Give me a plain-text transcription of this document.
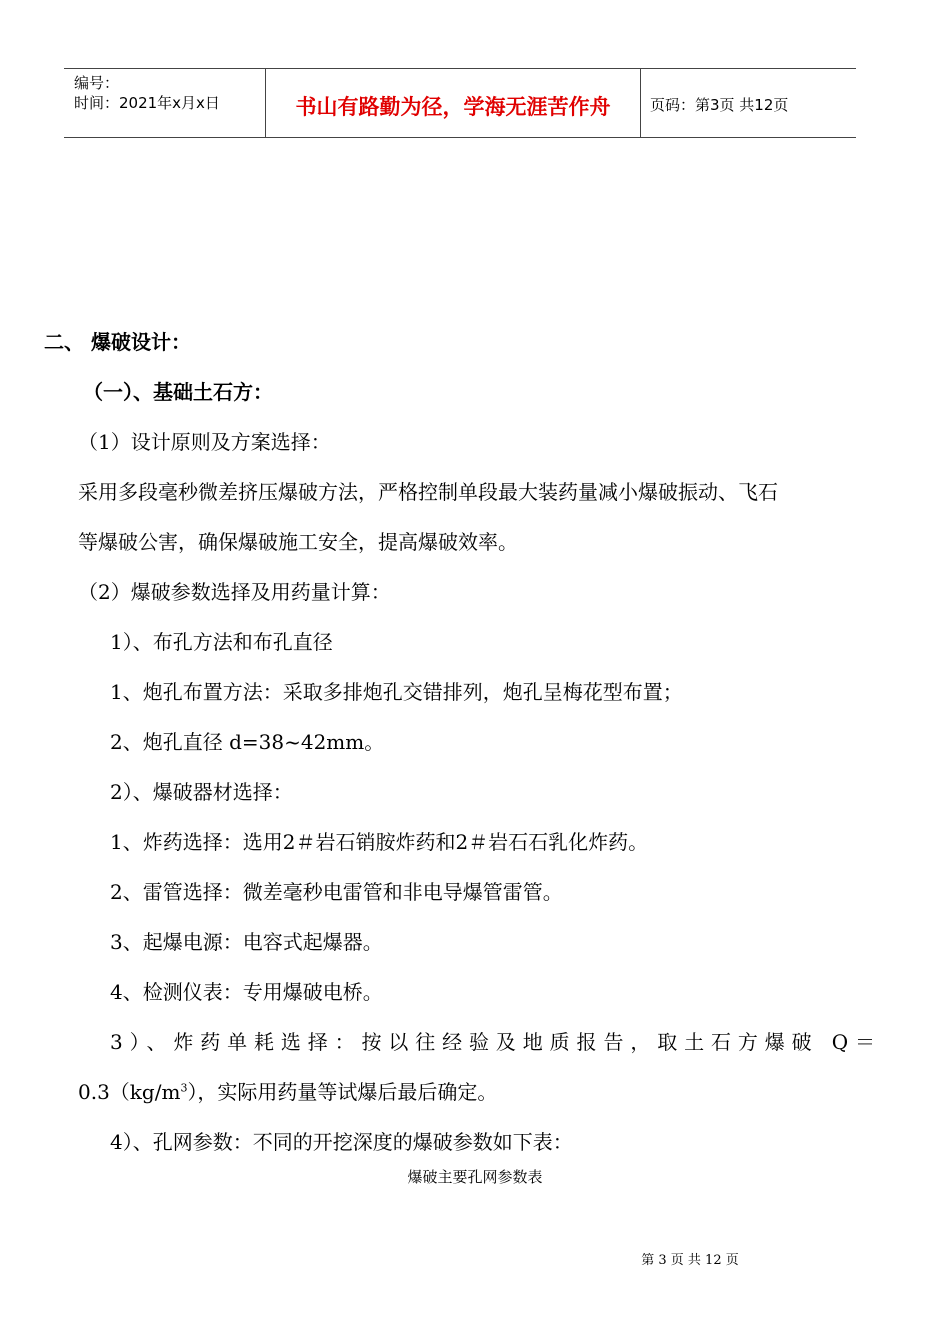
编号：
时间：2021年x月x日	书山有路勤为径，学海无涯苦作舟	页码：第3页 共12页
二、 爆破设计：
（一）、基础土石方：
（1）设计原则及方案选择：
采用多段毫秒微差挤压爆破方法，严格控制单段最大装药量减小爆破振动、飞石
等爆破公害，确保爆破施工安全，提高爆破效率。
（2）爆破参数选择及用药量计算：
1）、布孔方法和布孔直径
1、炮孔布置方法：采取多排炮孔交错排列，炮孔呈梅花型布置；
2、炮孔直径 d=38~42mm。
2）、爆破器材选择：
1、炸药选择：选用2＃岩石销胺炸药和2＃岩石石乳化炸药。
2、雷管选择：微差毫秒电雷管和非电导爆管雷管。
3、起爆电源：电容式起爆器。
4、检测仪表：专用爆破电桥。
3）、炸药单耗选择：按以往经验及地质报告，取土石方爆破 Q＝
$0.3(kg/m^3)$，实际用药量等试爆后最后确定。
4）、孔网参数：不同的开挖深度的爆破参数如下表：
爆破主要孔网参数表
第 3 页 共 12 页
